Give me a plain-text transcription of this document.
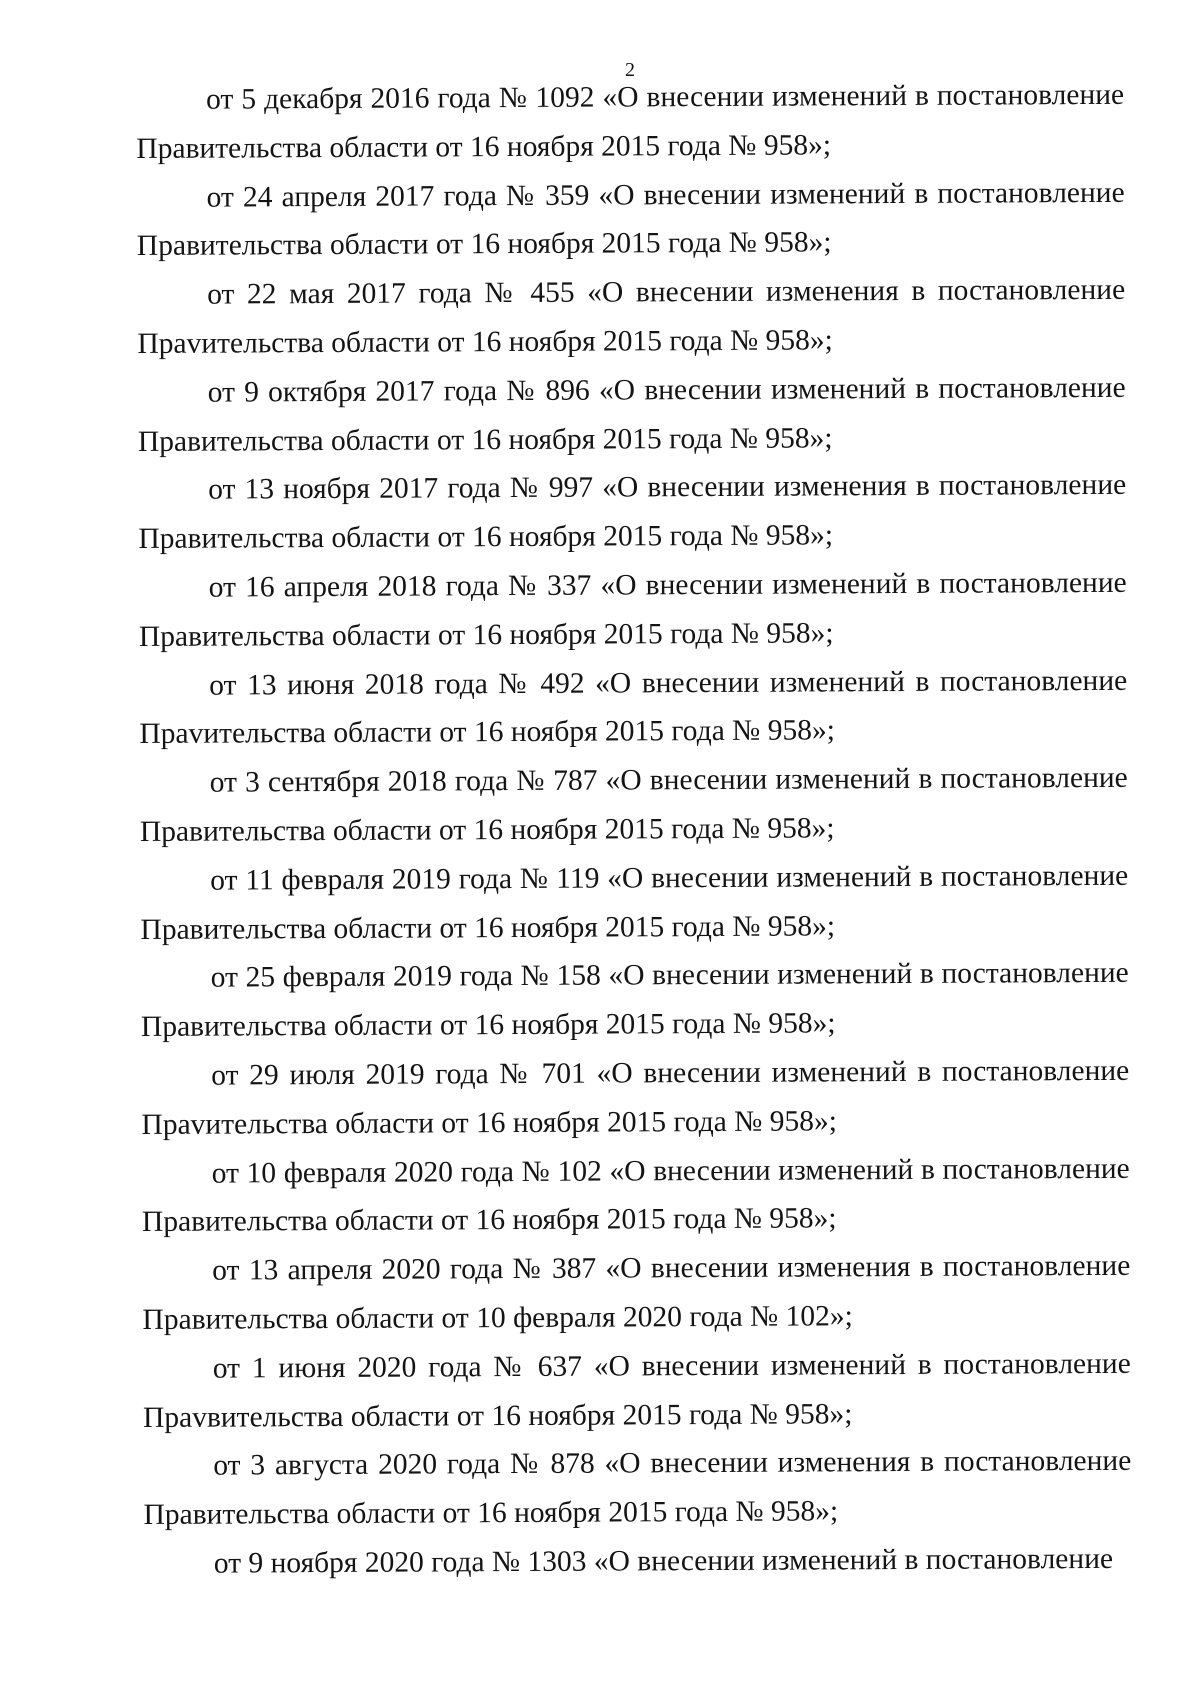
2

от 5 декабря 2016 года № 1092 «О внесении изменений в постановление Правительства области от 16 ноября 2015 года № 958»;

от 24 апреля 2017 года № 359 «О внесении изменений в постановление Правительства области от 16 ноября 2015 года № 958»;

от 22 мая 2017 года № 455 «О внесении изменения в постановление Праvительства области от 16 ноября 2015 года № 958»;

от 9 октября 2017 года № 896 «О внесении изменений в постановление Правительства области от 16 ноября 2015 года № 958»;

от 13 ноября 2017 года № 997 «О внесении изменения в постановление Правительства области от 16 ноября 2015 года № 958»;

от 16 апреля 2018 года № 337 «О внесении изменений в постановление Правительства области от 16 ноября 2015 года № 958»;

от 13 июня 2018 года № 492 «О внесении изменений в постановление Праvительства области от 16 ноября 2015 года № 958»;

от 3 сентября 2018 года № 787 «О внесении изменений в постановление Правительства области от 16 ноября 2015 года № 958»;

от 11 февраля 2019 года № 119 «О внесении изменений в постановление Правительства области от 16 ноября 2015 года № 958»;

от 25 февраля 2019 года № 158 «О внесении изменений в постановление Правительства области от 16 ноября 2015 года № 958»;

от 29 июля 2019 года № 701 «О внесении изменений в постановление Праvительства области от 16 ноября 2015 года № 958»;

от 10 февраля 2020 года № 102 «О внесении изменений в постановление Правительства области от 16 ноября 2015 года № 958»;

от 13 апреля 2020 года № 387 «О внесении изменения в постановление Правительства области от 10 февраля 2020 года № 102»;

от 1 июня 2020 года № 637 «О внесении изменений в постановление Праvвительства области от 16 ноября 2015 года № 958»;

от 3 августа 2020 года № 878 «О внесении изменения в постановление Правительства области от 16 ноября 2015 года № 958»;

от 9 ноября 2020 года № 1303 «О внесении изменений в постановление
